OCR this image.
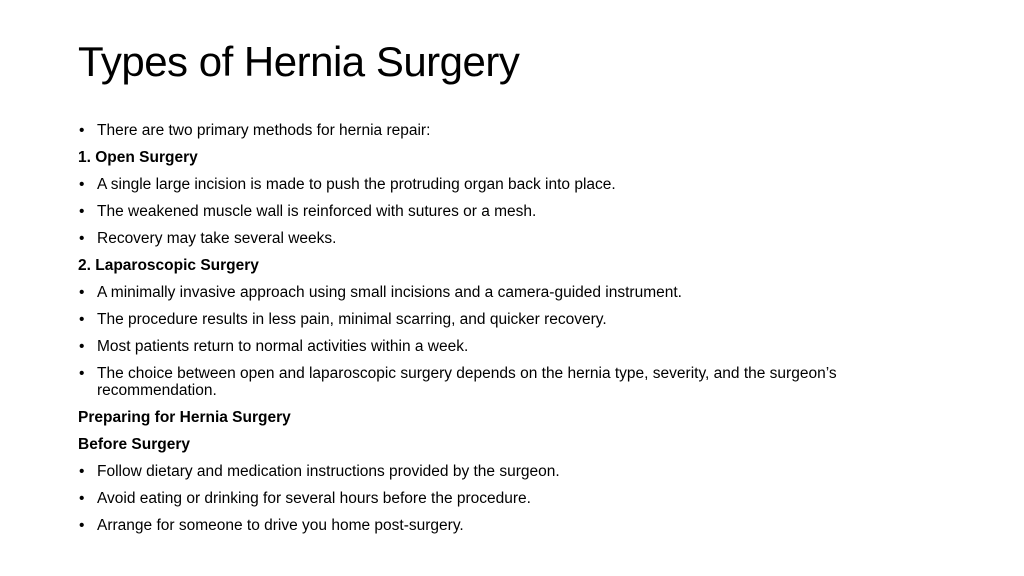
Types of Hernia Surgery
• There are two primary methods for hernia repair:
1. Open Surgery
• A single large incision is made to push the protruding organ back into place.
• The weakened muscle wall is reinforced with sutures or a mesh.
• Recovery may take several weeks.
2. Laparoscopic Surgery
• A minimally invasive approach using small incisions and a camera-guided instrument.
• The procedure results in less pain, minimal scarring, and quicker recovery.
• Most patients return to normal activities within a week.
• The choice between open and laparoscopic surgery depends on the hernia type, severity, and the surgeon’s recommendation.
Preparing for Hernia Surgery
Before Surgery
• Follow dietary and medication instructions provided by the surgeon.
• Avoid eating or drinking for several hours before the procedure.
• Arrange for someone to drive you home post-surgery.
